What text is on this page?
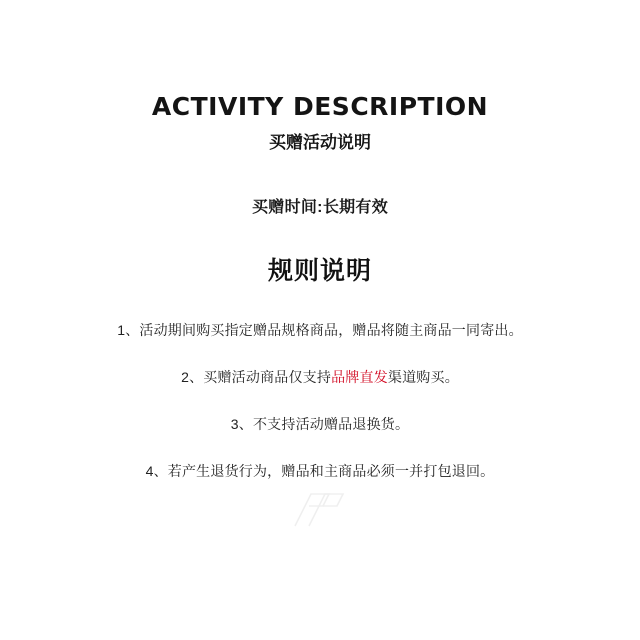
ACTIVITY DESCRIPTION
买赠活动说明
买赠时间:长期有效
规则说明
1、活动期间购买指定赠品规格商品，赠品将随主商品一同寄出。
2、买赠活动商品仅支持品牌直发渠道购买。
3、不支持活动赠品退换货。
4、若产生退货行为，赠品和主商品必须一并打包退回。
